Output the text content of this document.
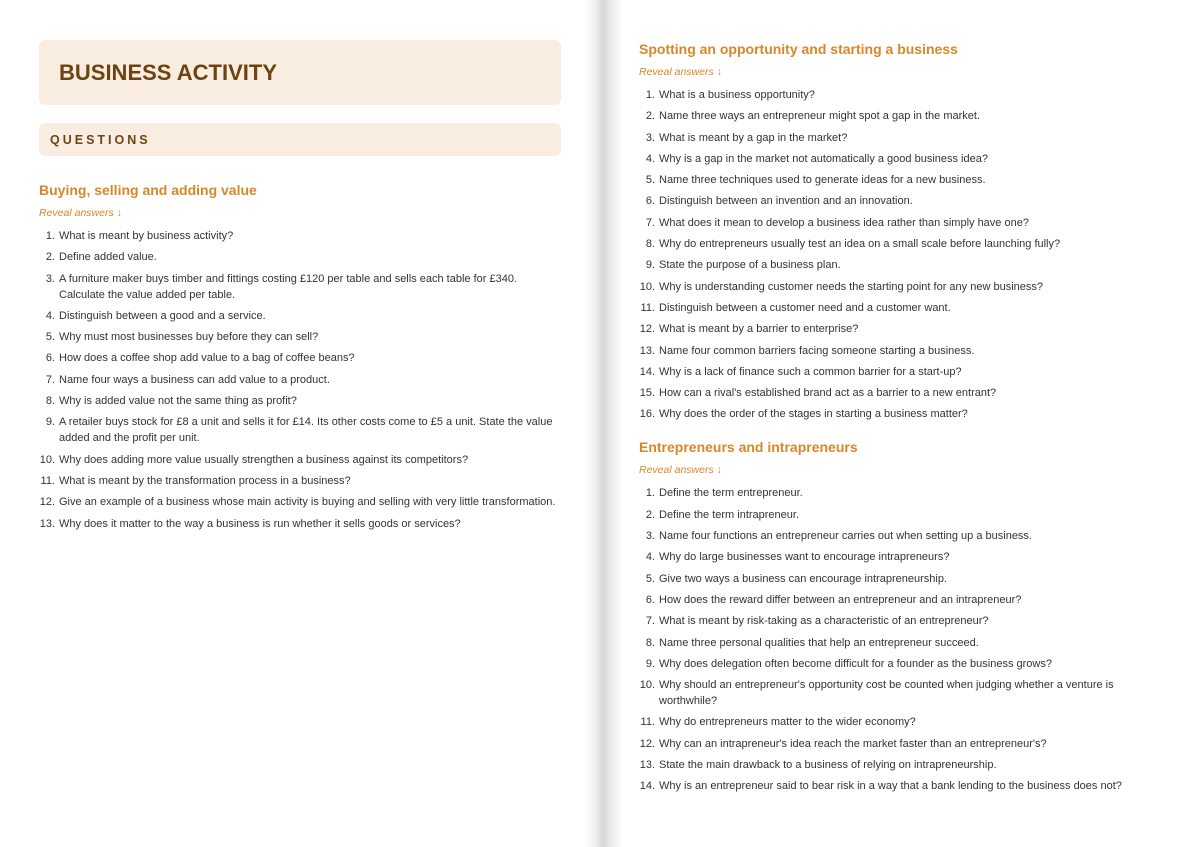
BUSINESS ACTIVITY
QUESTIONS
Buying, selling and adding value
Reveal answers ↓
1. What is meant by business activity?
2. Define added value.
3. A furniture maker buys timber and fittings costing £120 per table and sells each table for £340. Calculate the value added per table.
4. Distinguish between a good and a service.
5. Why must most businesses buy before they can sell?
6. How does a coffee shop add value to a bag of coffee beans?
7. Name four ways a business can add value to a product.
8. Why is added value not the same thing as profit?
9. A retailer buys stock for £8 a unit and sells it for £14. Its other costs come to £5 a unit. State the value added and the profit per unit.
10. Why does adding more value usually strengthen a business against its competitors?
11. What is meant by the transformation process in a business?
12. Give an example of a business whose main activity is buying and selling with very little transformation.
13. Why does it matter to the way a business is run whether it sells goods or services?
Spotting an opportunity and starting a business
Reveal answers ↓
1. What is a business opportunity?
2. Name three ways an entrepreneur might spot a gap in the market.
3. What is meant by a gap in the market?
4. Why is a gap in the market not automatically a good business idea?
5. Name three techniques used to generate ideas for a new business.
6. Distinguish between an invention and an innovation.
7. What does it mean to develop a business idea rather than simply have one?
8. Why do entrepreneurs usually test an idea on a small scale before launching fully?
9. State the purpose of a business plan.
10. Why is understanding customer needs the starting point for any new business?
11. Distinguish between a customer need and a customer want.
12. What is meant by a barrier to enterprise?
13. Name four common barriers facing someone starting a business.
14. Why is a lack of finance such a common barrier for a start-up?
15. How can a rival's established brand act as a barrier to a new entrant?
16. Why does the order of the stages in starting a business matter?
Entrepreneurs and intrapreneurs
Reveal answers ↓
1. Define the term entrepreneur.
2. Define the term intrapreneur.
3. Name four functions an entrepreneur carries out when setting up a business.
4. Why do large businesses want to encourage intrapreneurs?
5. Give two ways a business can encourage intrapreneurship.
6. How does the reward differ between an entrepreneur and an intrapreneur?
7. What is meant by risk-taking as a characteristic of an entrepreneur?
8. Name three personal qualities that help an entrepreneur succeed.
9. Why does delegation often become difficult for a founder as the business grows?
10. Why should an entrepreneur's opportunity cost be counted when judging whether a venture is worthwhile?
11. Why do entrepreneurs matter to the wider economy?
12. Why can an intrapreneur's idea reach the market faster than an entrepreneur's?
13. State the main drawback to a business of relying on intrapreneurship.
14. Why is an entrepreneur said to bear risk in a way that a bank lending to the business does not?
